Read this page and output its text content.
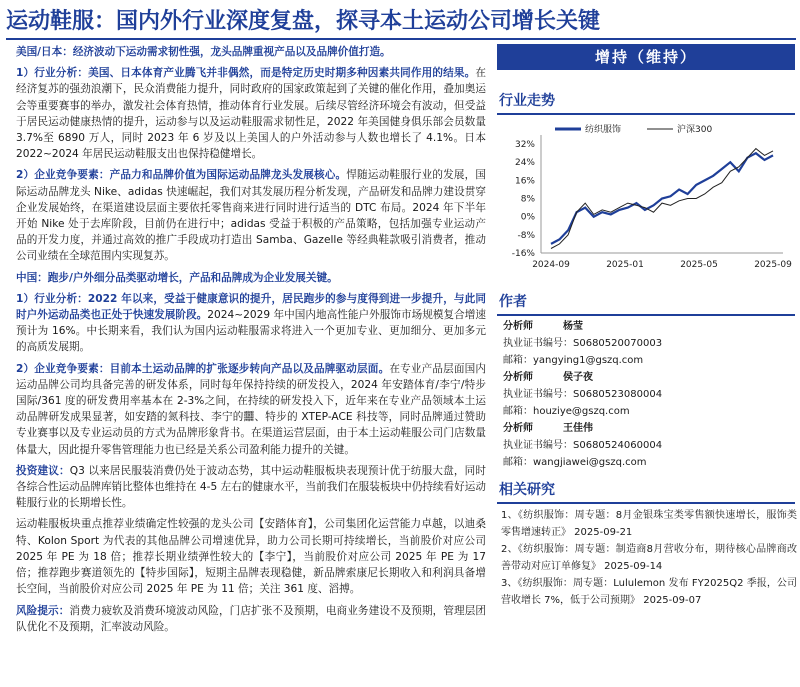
运动鞋服：国内外行业深度复盘，探寻本土运动公司增长关键
美国/日本：经济波动下运动需求韧性强，龙头品牌重视产品以及品牌价值打造。
1）行业分析：美国、日本体育产业腾飞并非偶然，而是特定历史时期多种因素共同作用的结果。在经济复苏的强劲浪潮下，民众消费能力提升，同时政府的国家政策起到了关键的催化作用，叠加奥运会等重要赛事的举办，激发社会体育热情，推动体育行业发展。后续尽管经济环境会有波动，但受益于居民运动健康热情的提升，运动参与以及运动鞋服需求韧性足，2022 年美国健身俱乐部会员数量 3.7%至 6890 万人，同时 2023 年 6 岁及以上美国人的户外活动参与人数也增长了 4.1%。日本 2022~2024 年居民运动鞋服支出也保持稳健增长。
2）企业竞争要素：产品力和品牌价值为国际运动品牌龙头发展核心。悍随运动鞋服行业的发展，国际运动品牌龙头 Nike、adidas 快速崛起，我们对其发展历程分析发现，产品研发和品牌力建设贯穿企业发展始终，在渠道建设层面主要依托零售商来进行同时进行适当的 DTC 布局。2024 年下半年开始 Nike 处于去库阶段，目前仍在进行中；adidas 受益于积极的产品策略，包括加强专业运动产品的开发力度，并通过高效的推广手段成功打造出 Samba、Gazelle 等经典鞋款吸引消费者，推动公司业绩在全球范围内实现复苏。
中国：跑步/户外细分品类驱动增长，产品和品牌成为企业发展关键。
1）行业分析：2022 年以来，受益于健康意识的提升，居民跑步的参与度得到进一步提升，与此同时户外运动品类也正处于快速发展阶段。2024~2029 年中国内地高性能户外服饰市场规模复合增速预计为 16%。中长期来看，我们认为国内运动鞋服需求将进入一个更加专业、更加细分、更加多元的高质发展期。
2）企业竞争要素：目前本土运动品牌的扩张逐步转向产品以及品牌驱动层面。在专业产品层面国内运动品牌公司均具备完善的研发体系，同时每年保持持续的研发投入，2024 年安踏体育/李宁/特步国际/361 度的研发费用率基本在 2-3%之间，在持续的研发投入下，近年来在专业产品领域本土运动品牌研发成果显著，如安踏的氮科技、李宁的䨻、特步的 XTEP-ACE 科技等，同时品牌通过赞助专业赛事以及专业运动员的方式为品牌形象背书。在渠道运营层面，由于本土运动鞋服公司门店数量体量大，因此提升零售管理能力也已经是关系公司盈利能力提升的关键。
投资建议：Q3 以来居民服装消费仍处于波动态势，其中运动鞋服板块表现预计优于纺服大盘，同时各综合性运动品牌库销比整体也维持在 4-5 左右的健康水平，当前我们在服装板块中仍持续看好运动鞋服行业的长期增长性。
运动鞋服板块重点推荐业绩确定性较强的龙头公司【安踏体育】，公司集团化运营能力卓越，以迪桑特、Kolon Sport 为代表的其他品牌公司增速优异，助力公司长期可持续增长，当前股价对应公司 2025 年 PE 为 18 倍；推荐长期业绩弹性较大的【李宁】，当前股价对应公司 2025 年 PE 为 17 倍；推荐跑步赛道领先的【特步国际】，短期主品牌表现稳健，新品牌索康尼长期收入和利润具备增长空间，当前股价对应公司 2025 年 PE 为 11 倍；关注 361 度、滔搏。
风险提示：消费力疲软及消费环境波动风险，门店扩张不及预期，电商业务建设不及预期，管理层团队优化不及预期，汇率波动风险。
增持（维持）
行业走势
-16%
-8%
0%
8%
16%
24%
32%
2024-09	2025-01	2025-05	2025-09
纺织服饰	沪深300
作者
分析师	杨莹
执业证书编号：S0680520070003
邮箱：yangying1@gszq.com
分析师	侯子夜
执业证书编号：S0680523080004
邮箱：houziye@gszq.com
分析师	王佳伟
执业证书编号：S0680524060004
邮箱：wangjiawei@gszq.com
相关研究
1、《纺织服饰：周专题：8月金银珠宝类零售额快速增长，服饰类零售增速转正》 2025-09-21
2、《纺织服饰：周专题：制造商8月营收分布，期待核心品牌商改善带动对应订单修复》 2025-09-14
3、《纺织服饰：周专题：Lululemon 发布 FY2025Q2 季报，公司营收增长 7%，低于公司预期》 2025-09-07
